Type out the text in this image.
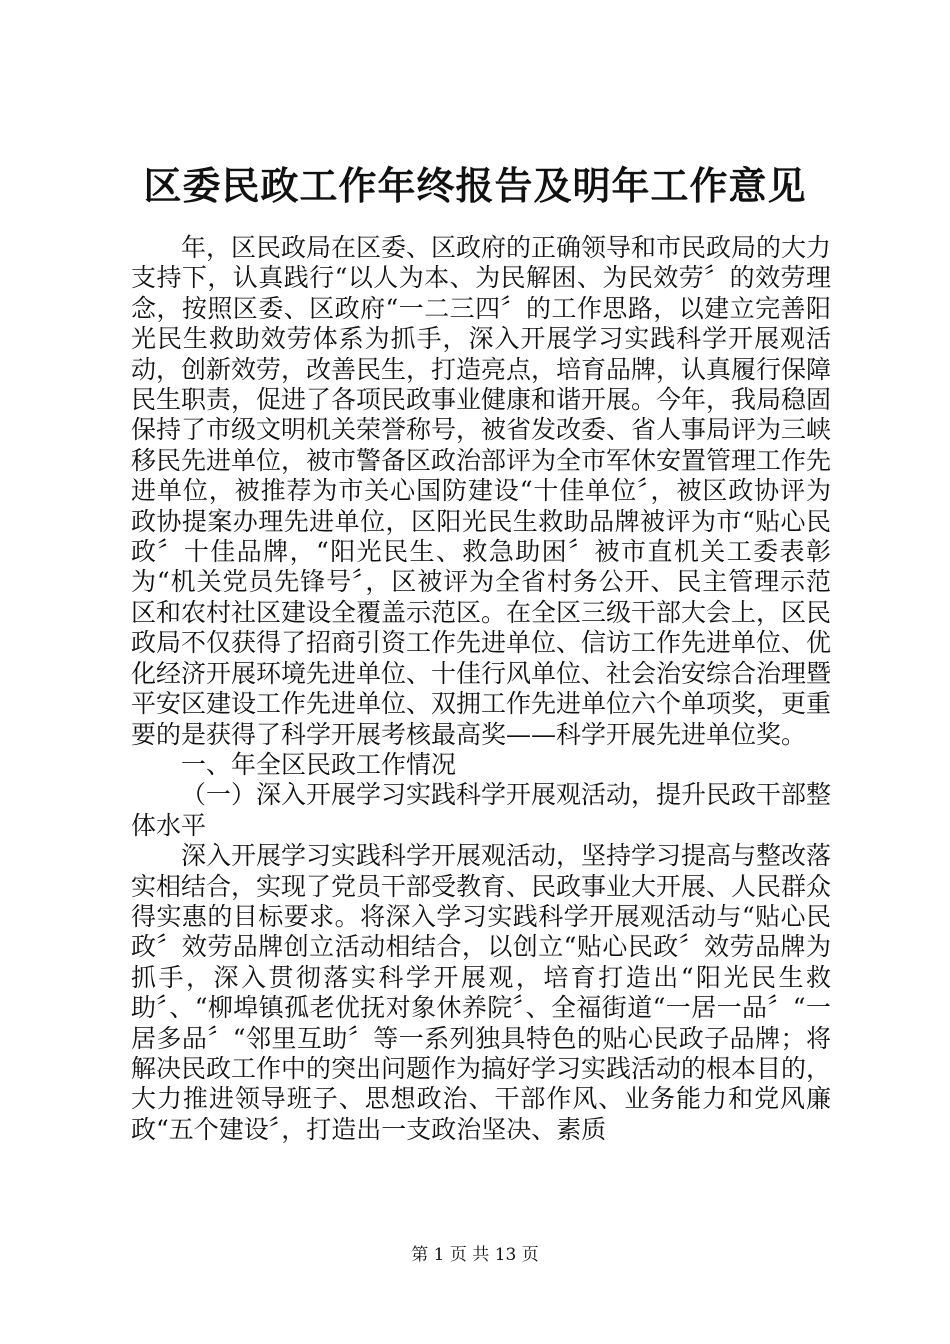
区委民政工作年终报告及明年工作意见

年，区民政局在区委、区政府的正确领导和市民政局的大力支持下，认真践行“以人为本、为民解困、为民效劳〞的效劳理念，按照区委、区政府“一二三四〞的工作思路，以建立完善阳光民生救助效劳体系为抓手，深入开展学习实践科学开展观活动，创新效劳，改善民生，打造亮点，培育品牌，认真履行保障民生职责，促进了各项民政事业健康和谐开展。今年，我局稳固保持了市级文明机关荣誉称号，被省发改委、省人事局评为三峡移民先进单位，被市警备区政治部评为全市军休安置管理工作先进单位，被推荐为市关心国防建设“十佳单位〞，被区政协评为政协提案办理先进单位，区阳光民生救助品牌被评为市“贴心民政〞十佳品牌，“阳光民生、救急助困〞被市直机关工委表彰为“机关党员先锋号〞，区被评为全省村务公开、民主管理示范区和农村社区建设全覆盖示范区。在全区三级干部大会上，区民政局不仅获得了招商引资工作先进单位、信访工作先进单位、优化经济开展环境先进单位、十佳行风单位、社会治安综合治理暨平安区建设工作先进单位、双拥工作先进单位六个单项奖，更重要的是获得了科学开展考核最高奖——科学开展先进单位奖。

一、年全区民政工作情况

（一）深入开展学习实践科学开展观活动，提升民政干部整体水平

深入开展学习实践科学开展观活动，坚持学习提高与整改落实相结合，实现了党员干部受教育、民政事业大开展、人民群众得实惠的目标要求。将深入学习实践科学开展观活动与“贴心民政〞效劳品牌创立活动相结合，以创立“贴心民政〞效劳品牌为抓手，深入贯彻落实科学开展观，培育打造出“阳光民生救助〞、“柳埠镇孤老优抚对象休养院〞、全福街道“一居一品〞“一居多品〞“邻里互助〞等一系列独具特色的贴心民政子品牌；将解决民政工作中的突出问题作为搞好学习实践活动的根本目的，大力推进领导班子、思想政治、干部作风、业务能力和党风廉政“五个建设〞，打造出一支政治坚决、素质

第 1 页 共 13 页
